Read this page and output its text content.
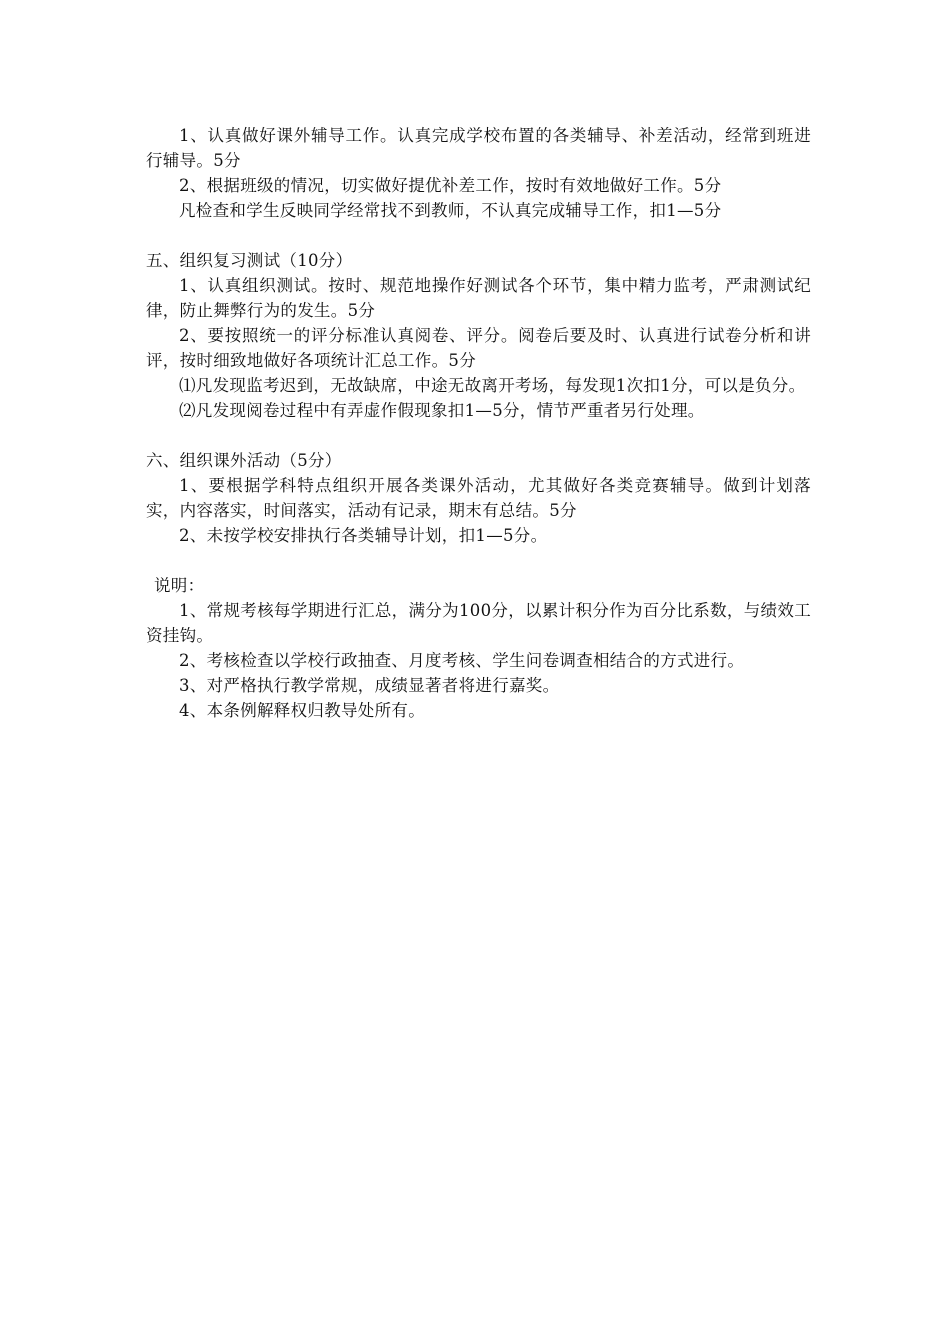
1、认真做好课外辅导工作。认真完成学校布置的各类辅导、补差活动，经常到班进行辅导。5分

2、根据班级的情况，切实做好提优补差工作，按时有效地做好工作。5分

凡检查和学生反映同学经常找不到教师，不认真完成辅导工作，扣1—5分

五、组织复习测试（10分）

1、认真组织测试。按时、规范地操作好测试各个环节，集中精力监考，严肃测试纪律，防止舞弊行为的发生。5分

2、要按照统一的评分标准认真阅卷、评分。阅卷后要及时、认真进行试卷分析和讲评，按时细致地做好各项统计汇总工作。5分

⑴凡发现监考迟到，无故缺席，中途无故离开考场，每发现1次扣1分，可以是负分。

⑵凡发现阅卷过程中有弄虚作假现象扣1—5分，情节严重者另行处理。

六、组织课外活动（5分）

1、要根据学科特点组织开展各类课外活动，尤其做好各类竞赛辅导。做到计划落实，内容落实，时间落实，活动有记录，期末有总结。5分

2、未按学校安排执行各类辅导计划，扣1—5分。

说明：

1、常规考核每学期进行汇总，满分为100分，以累计积分作为百分比系数，与绩效工资挂钩。

2、考核检查以学校行政抽查、月度考核、学生问卷调查相结合的方式进行。

3、对严格执行教学常规，成绩显著者将进行嘉奖。

4、本条例解释权归教导处所有。
